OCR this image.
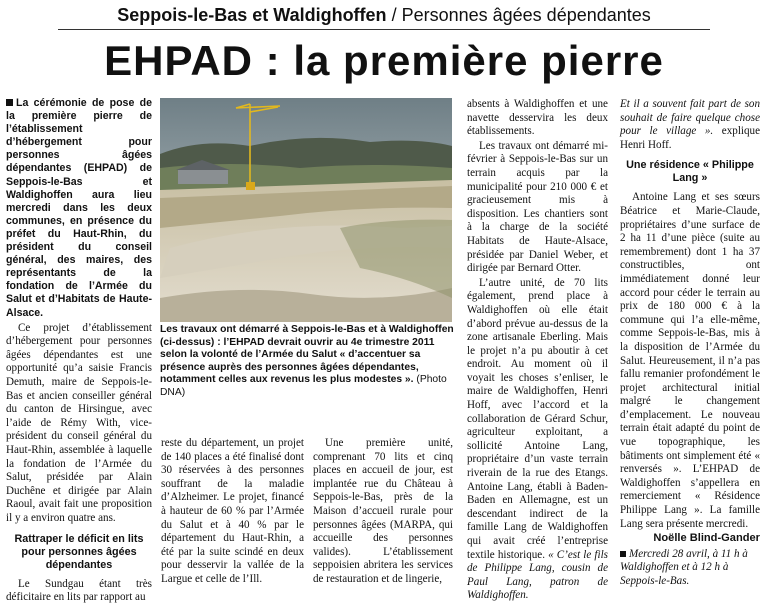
Seppois-le-Bas et Waldighoffen / Personnes âgées dépendantes
EHPAD : la première pierre

La cérémonie de pose de la première pierre de l’établissement d’hébergement pour personnes âgées dépendantes (EHPAD) de Seppois-le-Bas et Waldighoffen aura lieu mercredi dans les deux communes, en présence du préfet du Haut-Rhin, du président du conseil général, des maires, des représentants de la fondation de l’Armée du Salut et d’Habitats de Haute-Alsace.

Ce projet d’établissement d’hébergement pour personnes âgées dépendantes est une opportunité qu’a saisie Francis Demuth, maire de Seppois-le-Bas et ancien conseiller général du canton de Hirsingue, avec l’aide de Rémy With, vice-président du conseil général du Haut-Rhin, assemblée à laquelle la fondation de l’Armée du Salut, présidée par Alain Duchêne et dirigée par Alain Raoul, avait fait une proposition il y a environ quatre ans.

Rattraper le déficit en lits pour personnes âgées dépendantes

Le Sundgau étant très déficitaire en lits par rapport au

Les travaux ont démarré à Seppois-le-Bas et à Waldighoffen (ci-dessus) : l’EHPAD devrait ouvrir au 4e trimestre 2011 selon la volonté de l’Armée du Salut « d’accentuer sa présence auprès des personnes âgées dépendantes, notamment celles aux revenus les plus modestes ». (Photo DNA)

reste du département, un projet de 140 places a été finalisé dont 30 réservées à des personnes souffrant de la maladie d’Alzheimer. Le projet, financé à hauteur de 60 % par l’Armée du Salut et à 40 % par le département du Haut-Rhin, a été par la suite scindé en deux pour desservir la vallée de la Largue et celle de l’Ill.

Une première unité, comprenant 70 lits et cinq places en accueil de jour, est implantée rue du Château à Seppois-le-Bas, près de la Maison d’accueil rurale pour personnes âgées (MARPA, qui accueille des personnes valides). L’établissement seppoisien abritera les services de restauration et de lingerie,

absents à Waldighoffen et une navette desservira les deux établissements.

Les travaux ont démarré mi-février à Seppois-le-Bas sur un terrain acquis par la municipalité pour 210 000 € et gracieusement mis à disposition. Les chantiers sont à la charge de la société Habitats de Haute-Alsace, présidée par Daniel Weber, et dirigée par Bernard Otter.

L’autre unité, de 70 lits également, prend place à Waldighoffen où elle était d’abord prévue au-dessus de la zone artisanale Eberling. Mais le projet n’a pu aboutir à cet endroit. Au moment où il voyait les choses s’enliser, le maire de Waldighoffen, Henri Hoff, avec l’accord et la collaboration de Gérard Schur, agriculteur exploitant, a sollicité Antoine Lang, propriétaire d’un vaste terrain riverain de la rue des Etangs. Antoine Lang, établi à Baden-Baden en Allemagne, est un descendant indirect de la famille Lang de Waldighoffen qui avait créé l’entreprise textile historique. « C’est le fils de Philippe Lang, cousin de Paul Lang, patron de Waldighoffen.

Et il a souvent fait part de son souhait de faire quelque chose pour le village ». explique Henri Hoff.

Une résidence « Philippe Lang »

Antoine Lang et ses sœurs Béatrice et Marie-Claude, propriétaires d’une surface de 2 ha 11 d’une pièce (suite au remembrement) dont 1 ha 37 constructibles, ont immédiatement donné leur accord pour céder le terrain au prix de 180 000 € à la commune qui l’a elle-même, comme Seppois-le-Bas, mis à la disposition de l’Armée du Salut. Heureusement, il n’a pas fallu remanier profondément le projet architectural initial malgré le changement d’emplacement. Le nouveau terrain était adapté du point de vue topographique, les bâtiments ont simplement été « renversés ». L’EHPAD de Waldighoffen s’appellera en remerciement « Résidence Philippe Lang ». La famille Lang sera présente mercredi.

Noëlle Blind-Gander

Mercredi 28 avril, à 11 h à Waldighoffen et à 12 h à Seppois-le-Bas.
